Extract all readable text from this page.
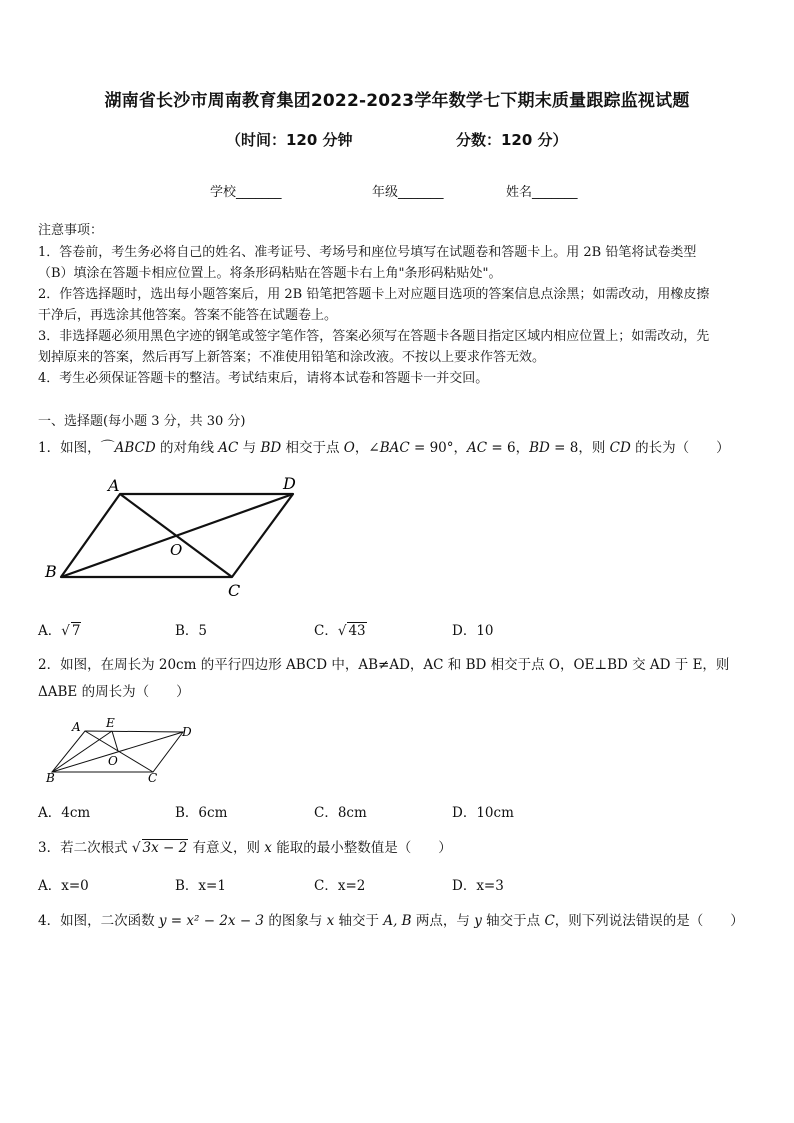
湖南省长沙市周南教育集团2022-2023学年数学七下期末质量跟踪监视试题
（时间：120 分钟	分数：120 分）
学校_______	年级_______	姓名_______
注意事项：
1．答卷前，考生务必将自己的姓名、准考证号、考场号和座位号填写在试题卷和答题卡上。用 2B 铅笔将试卷类型
（B）填涂在答题卡相应位置上。将条形码粘贴在答题卡右上角"条形码粘贴处"。
2．作答选择题时，选出每小题答案后，用 2B 铅笔把答题卡上对应题目选项的答案信息点涂黑；如需改动，用橡皮擦
干净后，再选涂其他答案。答案不能答在试题卷上。
3．非选择题必须用黑色字迹的钢笔或签字笔作答，答案必须写在答题卡各题目指定区域内相应位置上；如需改动，先
划掉原来的答案，然后再写上新答案；不准使用铅笔和涂改液。不按以上要求作答无效。
4．考生必须保证答题卡的整洁。考试结束后，请将本试卷和答题卡一并交回。
一、选择题(每小题 3 分，共 30 分)
1．如图，⌒ABCD 的对角线 AC 与 BD 相交于点 O，∠BAC = 90°，AC = 6，BD = 8，则 CD 的长为（　　）
A	D
B
C
O
A．√ 7	B．5	C．√ 43	D．10
2．如图，在周长为 20cm 的平行四边形 ABCD 中，AB≠AD，AC 和 BD 相交于点 O，OE⊥BD 交 AD 于 E，则 ΔABE 的周长为（　　）
A E
D
O
B	C
A．4cm	B．6cm	C．8cm	D．10cm
3．若二次根式 √ 3x − 2 有意义，则 x 能取的最小整数值是（　　）
A．x=0	B．x=1	C．x=2	D．x=3
4．如图，二次函数 y = x² − 2x − 3 的图象与 x 轴交于 A, B 两点，与 y 轴交于点 C，则下列说法错误的是（　　）
